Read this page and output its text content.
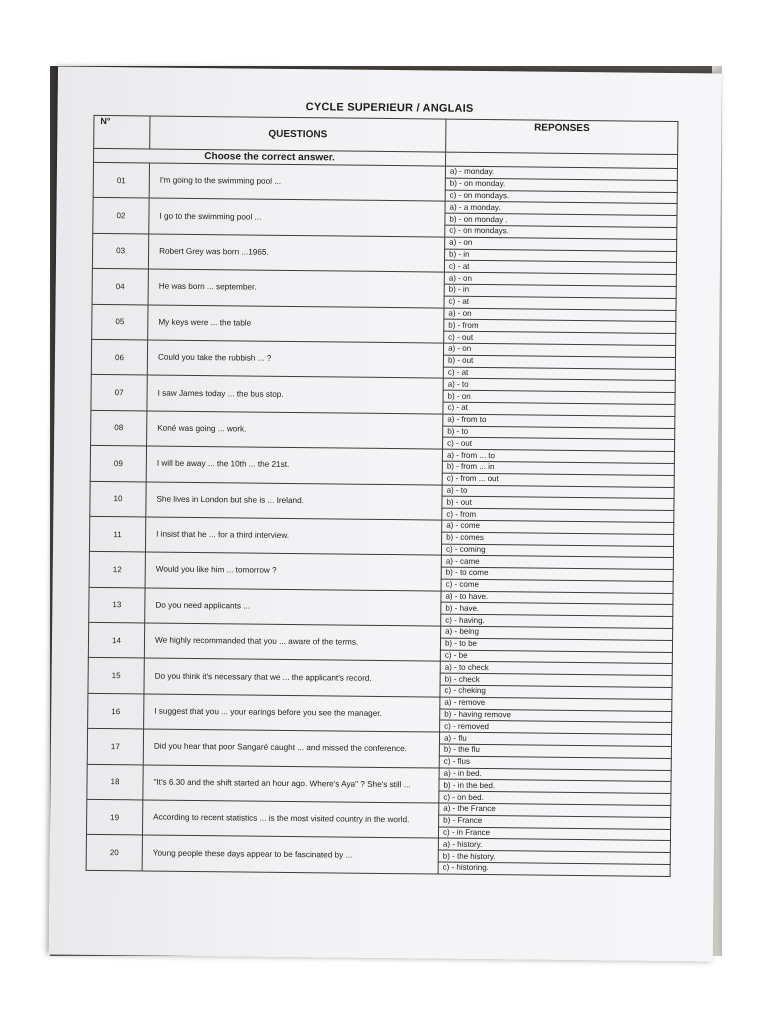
CYCLE SUPERIEUR / ANGLAIS
N°	QUESTIONS	REPONSES
Choose the correct answer.		
01	I'm going to the swimming pool ...	a) - monday.
		b) - on monday.
		c) - on mondays.
02	I go to the swimming pool ...	a) - a monday.
		b) - on monday .
		c) - on mondays.
03	Robert Grey was born ...1965.	a) - on
		b) - in
		c) - at
04	He was born ... september.	a) - on
		b) - in
		c) - at
05	My keys were ... the table	a) - on
		b) - from
		c) - out
06	Could you take the rubbish ... ?	a) - on
		b) - out
		c) - at
07	I saw James today ... the bus stop.	a) - to
		b) - on
		c) - at
08	Koné was going ... work.	a) - from to
		b) - to
		c) - out
09	I will be away ... the 10th ... the 21st.	a) - from ... to
		b) - from ... in
		c) - from ... out
10	She lives in London but she is ... Ireland.	a) - to
		b) - out
		c) - from
11	I insist that he ... for a third interview.	a) - come
		b) - comes
		c) - coming
12	Would you like him ... tomorrow ?	a) - came
		b) - to come
		c) - come
13	Do you need applicants ...	a) - to have.
		b) - have.
		c) - having.
14	We highly recommanded that you ... aware of the terms.	a) - being
		b) - to be
		c) - be
15	Do you think it's necessary that we ... the applicant's record.	a) - to check
		b) - check
		c) - cheking
16	I suggest that you ... your earings before you see the manager.	a) - remove
		b) - having remove
		c) - removed
17	Did you hear that poor Sangaré caught ... and missed the conference.	a) - flu
		b) - the flu
		c) - flus
18	"It's 6.30 and the shift started an hour ago. Where's Aya" ? She's still ...	a) - in bed.
		b) - in the bed.
		c) - on bed.
19	According to recent statistics ... is the most visited country in the world.	a) - the France
		b) - France
		c) - in France
20	Young people these days appear to be fascinated by ...	a) - history.
		b) - the history.
		c) - historing.
